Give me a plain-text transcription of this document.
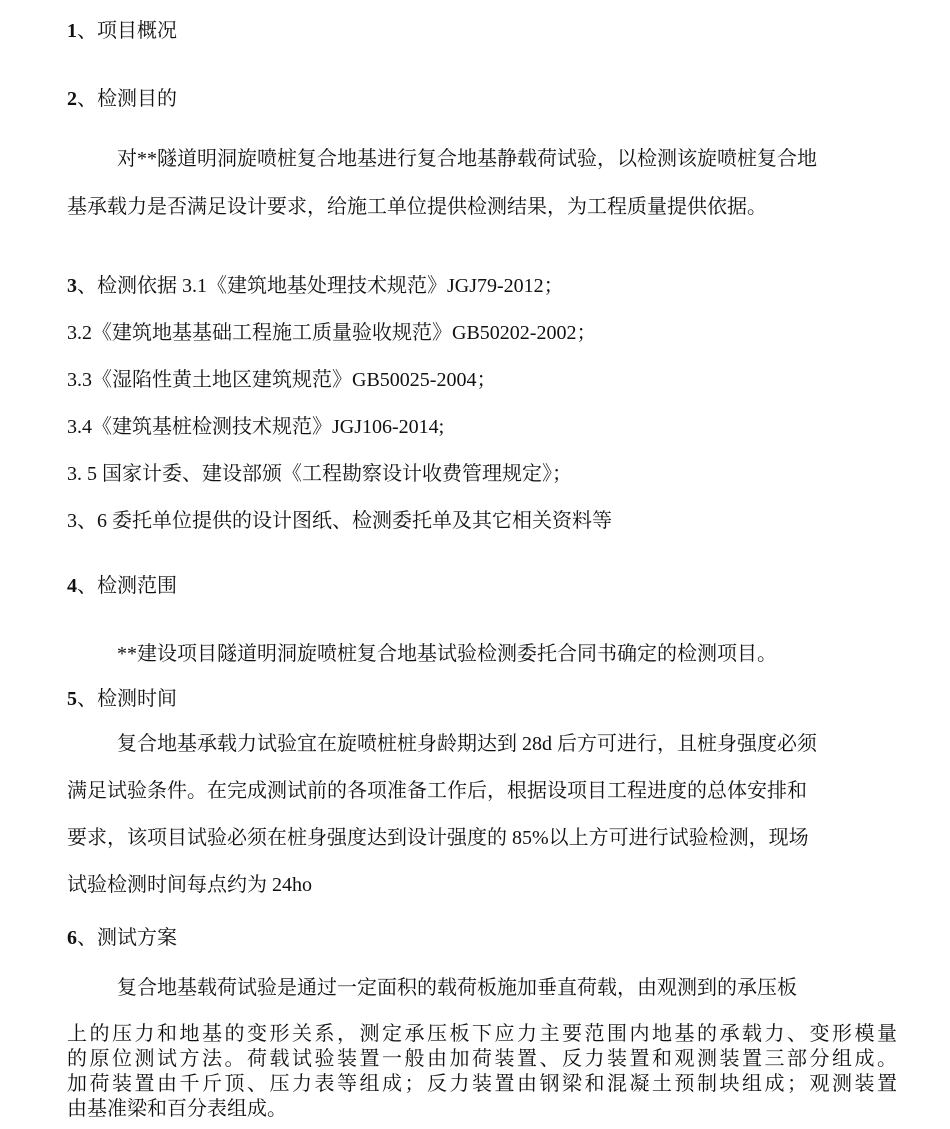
1、项目概况
2、检测目的
对**隧道明洞旋喷桩复合地基进行复合地基静载荷试验，以检测该旋喷桩复合地
基承载力是否满足设计要求，给施工单位提供检测结果，为工程质量提供依据。
3、检测依据 3.1《建筑地基处理技术规范》JGJ79-2012；
3.2《建筑地基基础工程施工质量验收规范》GB50202-2002；
3.3《湿陷性黄土地区建筑规范》GB50025-2004；
3.4《建筑基桩检测技术规范》JGJ106-2014;
3. 5 国家计委、建设部颁《工程勘察设计收费管理规定》；
3、6 委托单位提供的设计图纸、检测委托单及其它相关资料等
4、检测范围
**建设项目隧道明洞旋喷桩复合地基试验检测委托合同书确定的检测项目。
5、检测时间
复合地基承载力试验宜在旋喷桩桩身龄期达到 28d 后方可进行，且桩身强度必须
满足试验条件。在完成测试前的各项准备工作后，根据设项目工程进度的总体安排和
要求，该项目试验必须在桩身强度达到设计强度的 85%以上方可进行试验检测，现场
试验检测时间每点约为 24ho
6、测试方案
复合地基载荷试验是通过一定面积的载荷板施加垂直荷载，由观测到的承压板
上的压力和地基的变形关系，测定承压板下应力主要范围内地基的承载力、变形模量
的原位测试方法。荷载试验装置一般由加荷装置、反力装置和观测装置三部分组成。
加荷装置由千斤顶、压力表等组成；反力装置由钢梁和混凝土预制块组成；观测装置
由基准梁和百分表组成。
